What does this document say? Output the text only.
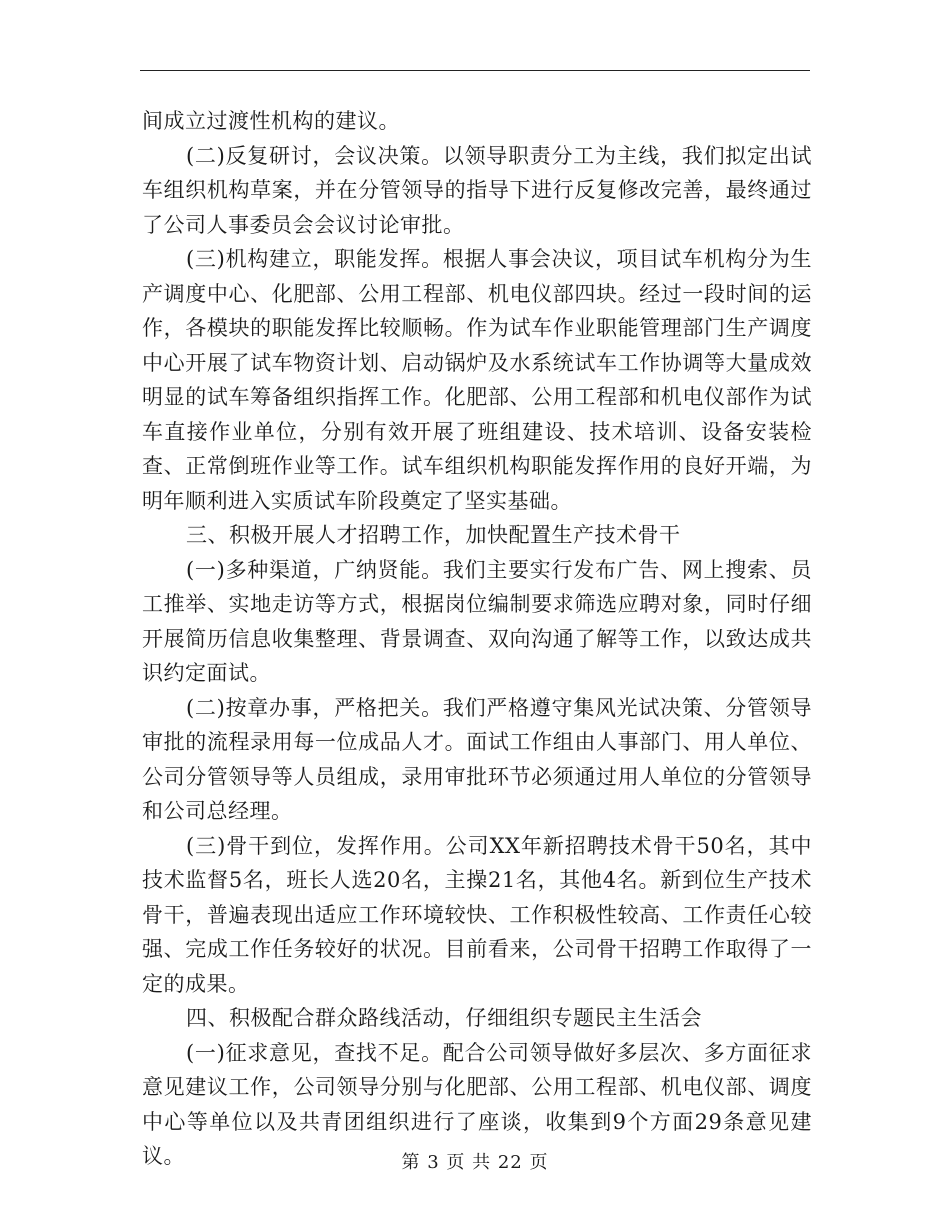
间成立过渡性机构的建议。

(二)反复研讨，会议决策。以领导职责分工为主线，我们拟定出试车组织机构草案，并在分管领导的指导下进行反复修改完善，最终通过了公司人事委员会会议讨论审批。

(三)机构建立，职能发挥。根据人事会决议，项目试车机构分为生产调度中心、化肥部、公用工程部、机电仪部四块。经过一段时间的运作，各模块的职能发挥比较顺畅。作为试车作业职能管理部门生产调度中心开展了试车物资计划、启动锅炉及水系统试车工作协调等大量成效明显的试车筹备组织指挥工作。化肥部、公用工程部和机电仪部作为试车直接作业单位，分别有效开展了班组建设、技术培训、设备安装检查、正常倒班作业等工作。试车组织机构职能发挥作用的良好开端，为明年顺利进入实质试车阶段奠定了坚实基础。

三、积极开展人才招聘工作，加快配置生产技术骨干

(一)多种渠道，广纳贤能。我们主要实行发布广告、网上搜索、员工推举、实地走访等方式，根据岗位编制要求筛选应聘对象，同时仔细开展简历信息收集整理、背景调查、双向沟通了解等工作，以致达成共识约定面试。

(二)按章办事，严格把关。我们严格遵守集风光试决策、分管领导审批的流程录用每一位成品人才。面试工作组由人事部门、用人单位、公司分管领导等人员组成，录用审批环节必须通过用人单位的分管领导和公司总经理。

(三)骨干到位，发挥作用。公司XX年新招聘技术骨干50名，其中技术监督5名，班长人选20名，主操21名，其他4名。新到位生产技术骨干，普遍表现出适应工作环境较快、工作积极性较高、工作责任心较强、完成工作任务较好的状况。目前看来，公司骨干招聘工作取得了一定的成果。

四、积极配合群众路线活动，仔细组织专题民主生活会

(一)征求意见，查找不足。配合公司领导做好多层次、多方面征求意见建议工作，公司领导分别与化肥部、公用工程部、机电仪部、调度中心等单位以及共青团组织进行了座谈，收集到9个方面29条意见建议。	第 3 页 共 22 页
